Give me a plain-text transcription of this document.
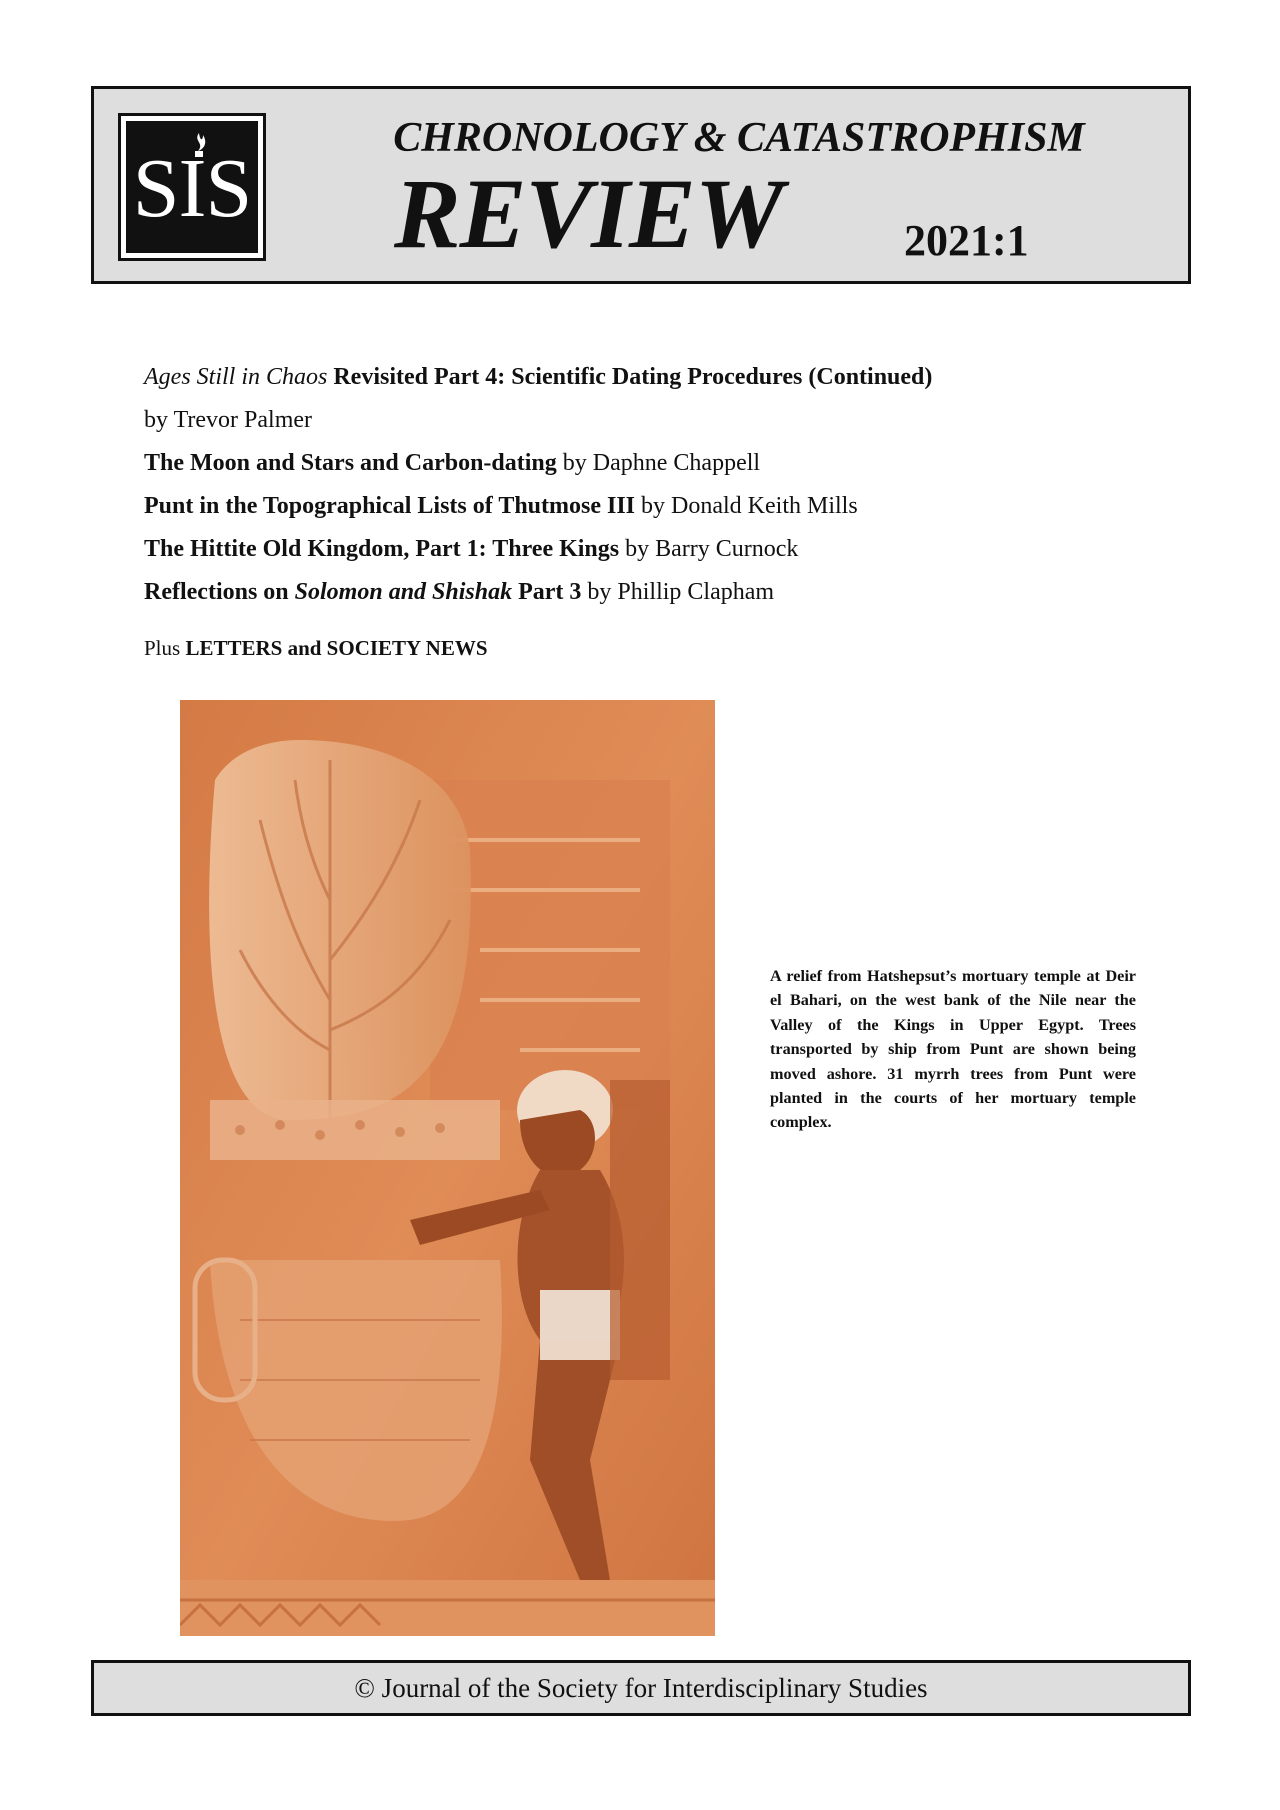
SIS
CHRONOLOGY & CATASTROPHISM
REVIEW	2021:1
Ages Still in Chaos Revisited Part 4: Scientific Dating Procedures (Continued)
by Trevor Palmer
The Moon and Stars and Carbon-dating by Daphne Chappell
Punt in the Topographical Lists of Thutmose III by Donald Keith Mills
The Hittite Old Kingdom, Part 1: Three Kings by Barry Curnock
Reflections on Solomon and Shishak Part 3 by Phillip Clapham
Plus LETTERS and SOCIETY NEWS
A relief from Hatshepsut’s mortuary temple at Deir el Bahari, on the west bank of the Nile near the Valley of the Kings in Upper Egypt. Trees transported by ship from Punt are shown being moved ashore. 31 myrrh trees from Punt were planted in the courts of her mortuary temple complex.
© Journal of the Society for Interdisciplinary Studies
